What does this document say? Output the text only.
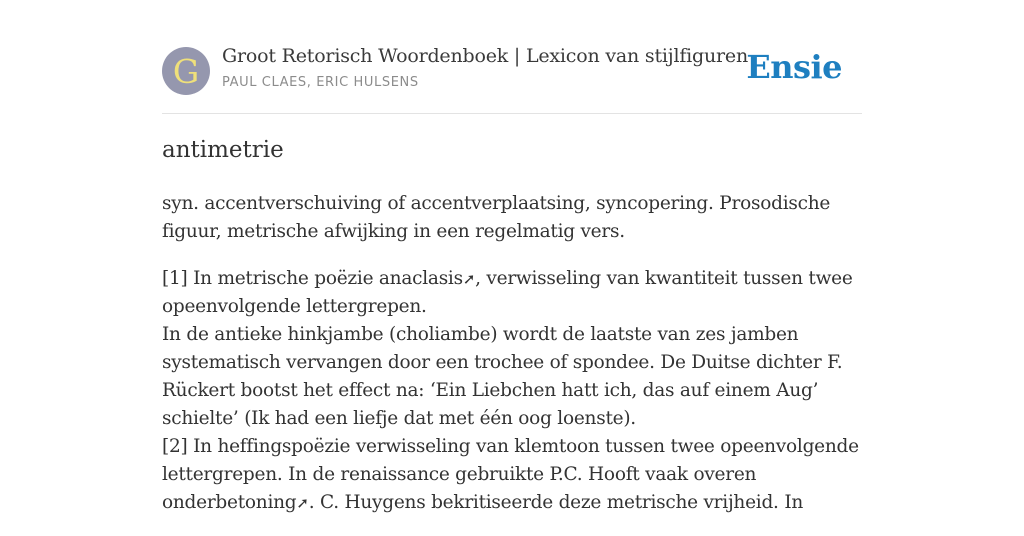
G	Groot Retorisch Woordenboek | Lexicon van stijlfiguren
PAUL CLAES, ERIC HULSENS	Ensie
antimetrie

syn. accentverschuiving of accentverplaatsing, syncopering. Prosodische figuur, metrische afwijking in een regelmatig vers.

[1] In metrische poëzie anaclasis➚, verwisseling van kwantiteit tussen twee opeenvolgende lettergrepen.
In de antieke hinkjambe (choliambe) wordt de laatste van zes jamben systematisch vervangen door een trochee of spondee. De Duitse dichter F. Rückert bootst het effect na: ‘Ein Liebchen hatt ich, das auf einem Aug’ schielte’ (Ik had een liefje dat met één oog loenste).
[2] In heffingspoëzie verwisseling van klemtoon tussen twee opeenvolgende lettergrepen. In de renaissance gebruikte P.C. Hooft vaak overen onderbetoning➚. C. Huygens bekritiseerde deze metrische vrijheid. In
